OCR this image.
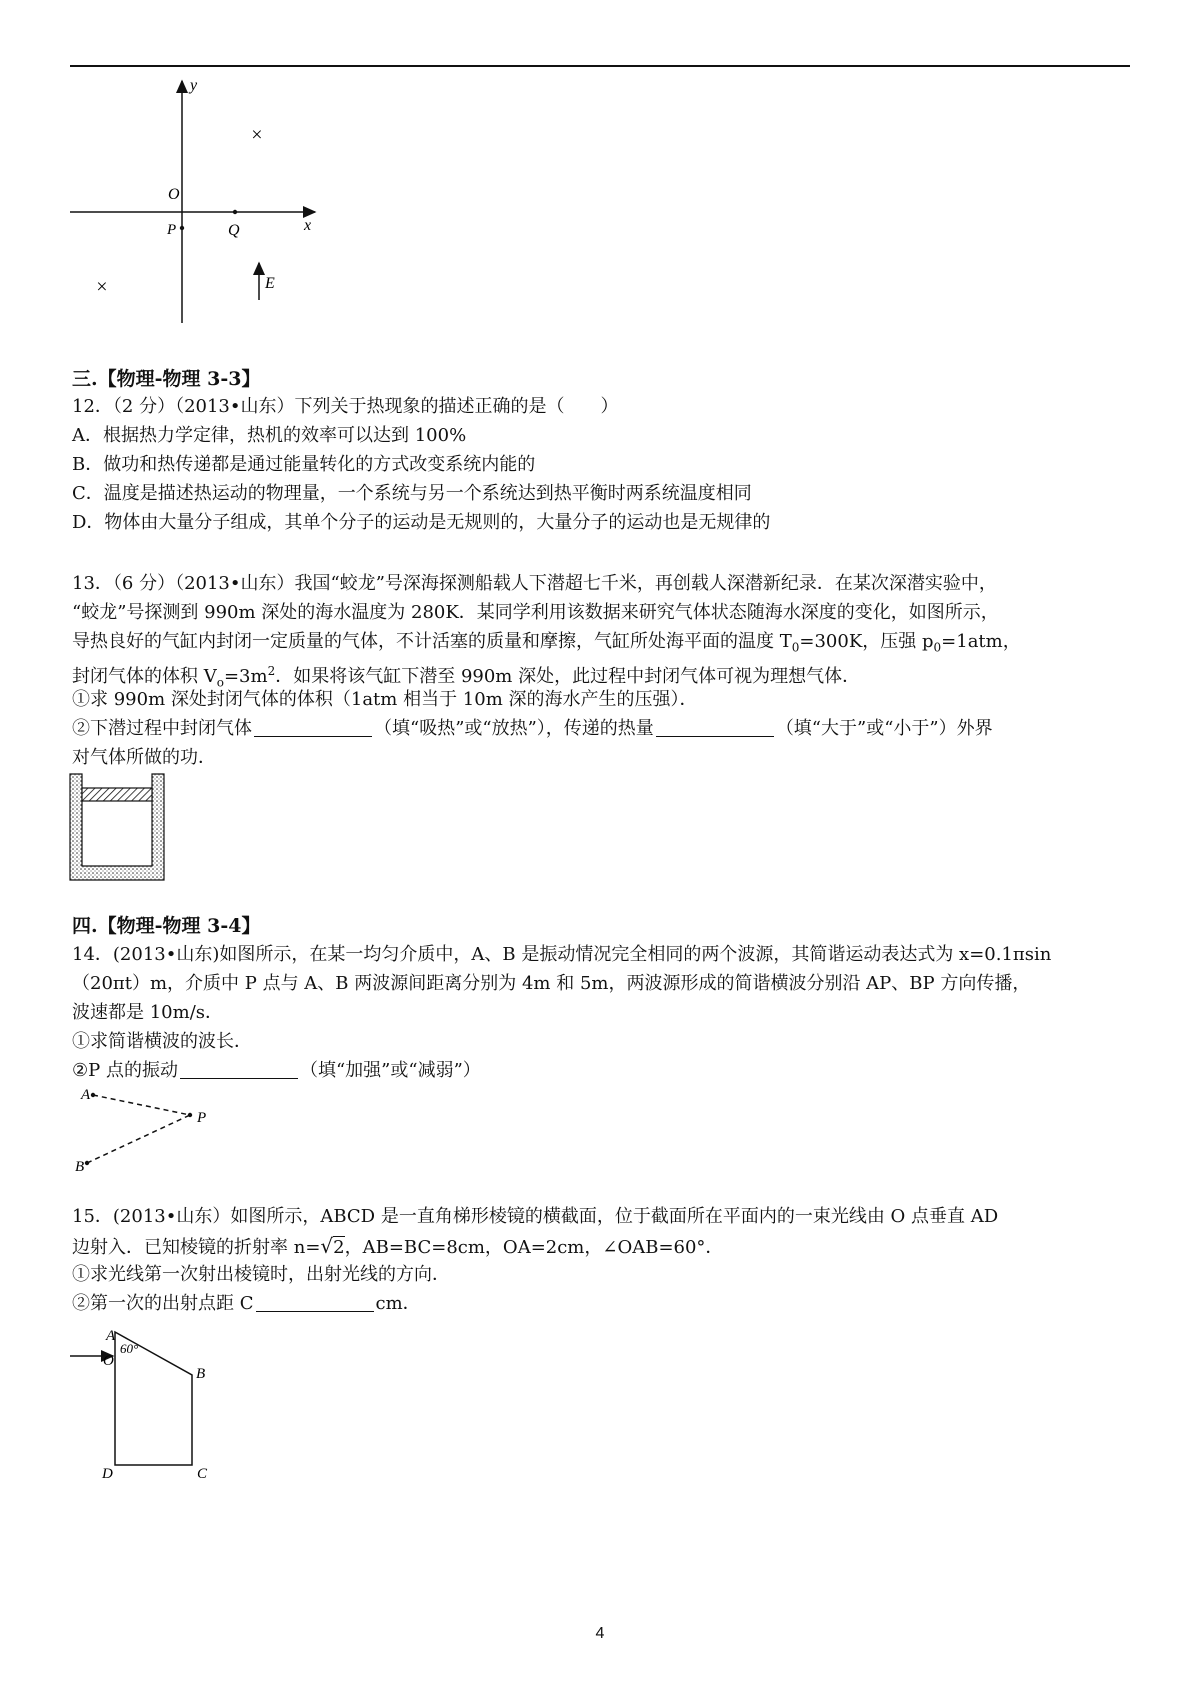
y
x
O
P	Q
×
×	E
三.【物理-物理 3-3】
12．（2 分）（2013•山东）下列关于热现象的描述正确的是（　　）
A．根据热力学定律，热机的效率可以达到 100%
B．做功和热传递都是通过能量转化的方式改变系统内能的
C．温度是描述热运动的物理量，一个系统与另一个系统达到热平衡时两系统温度相同
D．物体由大量分子组成，其单个分子的运动是无规则的，大量分子的运动也是无规律的
13．（6 分）（2013•山东）我国“蛟龙”号深海探测船载人下潜超七千米，再创载人深潜新纪录．在某次深潜实验中，
“蛟龙”号探测到 990m 深处的海水温度为 280K．某同学利用该数据来研究气体状态随海水深度的变化，如图所示，
导热良好的气缸内封闭一定质量的气体，不计活塞的质量和摩擦，气缸所处海平面的温度 $T_0=300K$，压强 $p_0=1atm$，
封闭气体的体积 $V_o=3m^2$．如果将该气缸下潜至 990m 深处，此过程中封闭气体可视为理想气体．
①求 990m 深处封闭气体的体积（1atm 相当于 10m 深的海水产生的压强）．
②下潜过程中封闭气体	（填“吸热”或“放热”），传递的热量	（填“大于”或“小于”）外界
对气体所做的功．
四.【物理-物理 3-4】
14．(2013•山东)如图所示，在某一均匀介质中，A、B 是振动情况完全相同的两个波源，其简谐运动表达式为 x=0.1πsin
（20πt）m，介质中 P 点与 A、B 两波源间距离分别为 4m 和 5m，两波源形成的简谐横波分别沿 AP、BP 方向传播，
波速都是 10m/s．
①求简谐横波的波长．
②P 点的振动	（填“加强”或“减弱”）
A
B
P
15．(2013•山东）如图所示，ABCD 是一直角梯形棱镜的横截面，位于截面所在平面内的一束光线由 O 点垂直 AD
边射入．已知棱镜的折射率 n=√2，AB=BC=8cm，OA=2cm，∠OAB=60°．
①求光线第一次射出棱镜时，出射光线的方向．
②第一次的出射点距 C	cm．
A
O
60°
B
C
D
4
